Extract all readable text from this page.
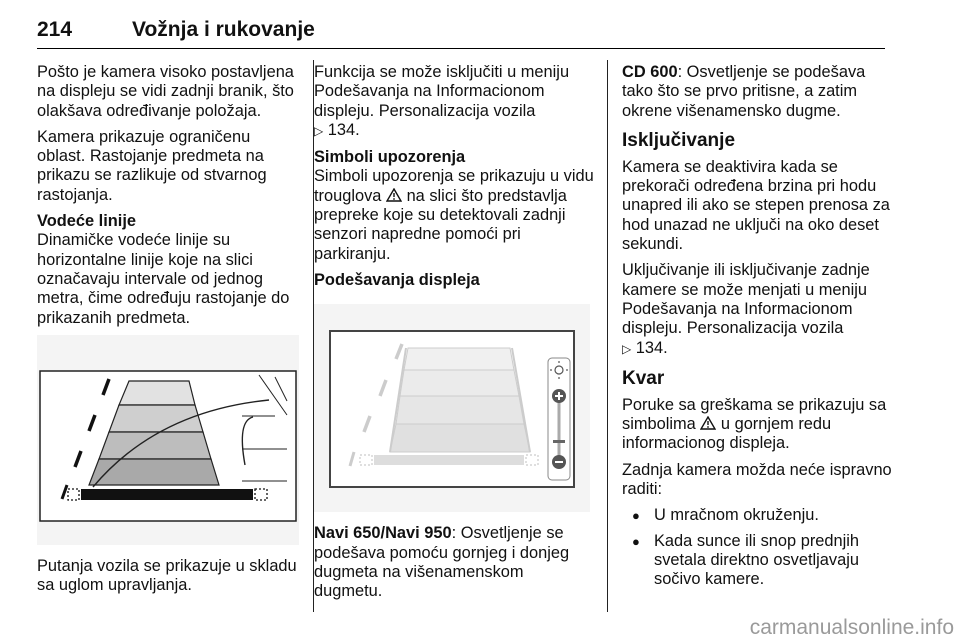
214	Vožnja i rukovanje

Pošto je kamera visoko postavljena na displeju se vidi zadnji branik, što olakšava određivanje položaja.

Kamera prikazuje ograničenu oblast. Rastojanje predmeta na prikazu se razlikuje od stvarnog rastojanja.

Vodeće linije

Dinamičke vodeće linije su horizontalne linije koje na slici označavaju intervale od jednog metra, čime određuju rastojanje do prikazanih predmeta.

Putanja vozila se prikazuje u skladu sa uglom upravljanja.

Funkcija se može isključiti u meniju Podešavanja na Informacionom displeju. Personalizacija vozila
▷ 134.

Simboli upozorenja

Simboli upozorenja se prikazuju u vidu trouglova na slici što predstavlja prepreke koje su detektovali zadnji senzori napredne pomoći pri parkiranju.

Podešavanja displeja

Navi 650/Navi 950: Osvetljenje se podešava pomoću gornjeg i donjeg dugmeta na višenamenskom dugmetu.

CD 600: Osvetljenje se podešava tako što se prvo pritisne, a zatim okrene višenamensko dugme.

Isključivanje

Kamera se deaktivira kada se prekorači određena brzina pri hodu unapred ili ako se stepen prenosa za hod unazad ne uključi na oko deset sekundi.

Uključivanje ili isključivanje zadnje kamere se može menjati u meniju Podešavanja na Informacionom displeju. Personalizacija vozila
▷ 134.

Kvar

Poruke sa greškama se prikazuju sa simbolima u gornjem redu informacionog displeja.

Zadnja kamera možda neće ispravno raditi:

● U mračnom okruženju.
● Kada sunce ili snop prednjih svetala direktno osvetljavaju sočivo kamere.
carmanualsonline.info
